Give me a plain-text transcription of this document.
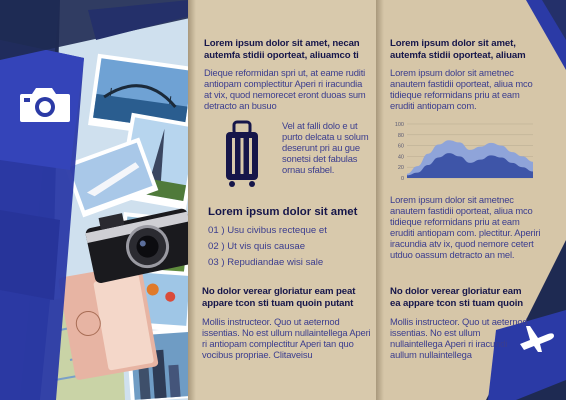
Lorem ipsum dolor sit amet, necan autemfa stidii oporteat, aliuamco ti
Dieque reformidan spri ut, at eame ruditi antiopam complectitur Aperi ri iracundia at vix, quod nemorecet eront duoas sum detracto an busuo
Vel at falli dolo e ut purto delcata u solum deserunt pri au gue sonetsi det fabulas ornau sfabel.
Lorem ipsum dolor sit amet
01 ) Usu civibus recteque et
02 ) Ut vis quis causae
03 ) Repudiandae wisi sale
No dolor verear gloriatur eam peat appare tcon sti tuam quoin putant
Mollis instructeor. Quo ut aeternod issentias. No est ullum nullaintellega Aperi ri antiopam complectitur Aperi tan quo vocibus propriae. Clitaveisu
Lorem ipsum dolor sit amet, autemfa stidii oporteat, aliuam
Lorem ipsum dolor sit ametnec anautem fastidii oporteat, aliua mco tidieque reformidans priu at eam eruditi antiopam com.
100
80
60
40
20
0
Lorem ipsum dolor sit ametnec anautem fastidii oporteat, aliua mco tidieque reformidans priu at eam eruditi antiopam com. plectitur. Aperiri iracundia atv ix, quod nemore cetert utduo oassum detracto an mel.
No dolor verear gloriatur eam ea appare tcon sti tuam quoin
Mollis instructeor. Quo ut aeternod issentias. No est ullum nullaintellega Aperi ri iracundi aullum nullaintellega
